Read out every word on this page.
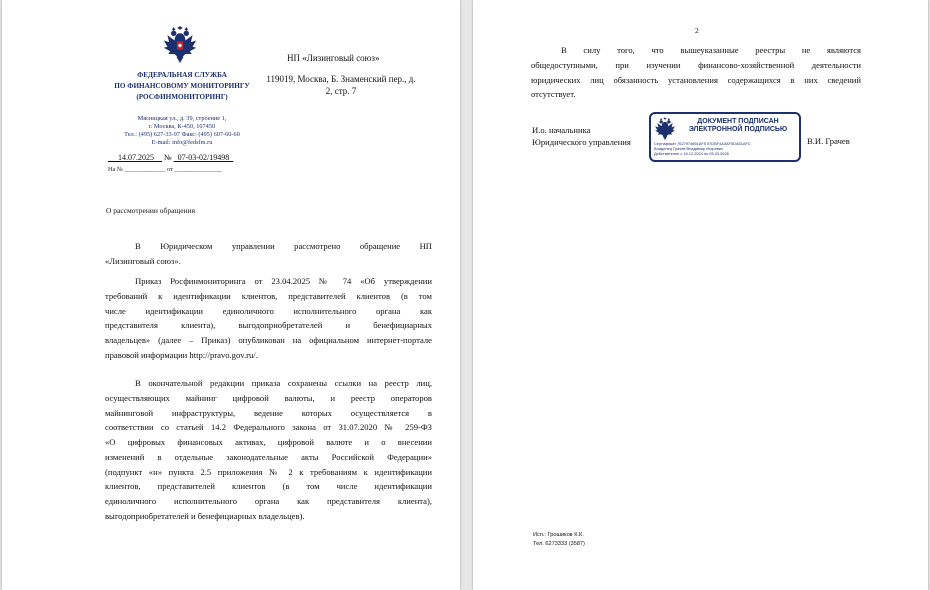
ФЕДЕРАЛЬНАЯ СЛУЖБА
ПО ФИНАНСОВОМУ МОНИТОРИНГУ
(РОСФИНМОНИТОРИНГ)
Мясницкая ул., д. 39, строение 1,
г. Москва, К-450, 107450
Тел.: (495) 627-33-97 Факс: (495) 607-60-60
E-mail: info@fedsfm.ru
14.07.2025 № 07-03-02/19498
На № _____________ от _______________
НП «Лизинговый союз»
119019, Москва, Б. Знаменский пер., д.
2, стр. 7
О рассмотрении обращения
В Юридическом управлении рассмотрено обращение НП
«Лизинговый союз».
Приказ Росфинмониторинга от 23.04.2025 № 74 «Об утверждении
требований к идентификации клиентов, представителей клиентов (в том
числе идентификации единоличного исполнительного органа как
представителя клиента), выгодоприобретателей и бенефициарных
владельцев» (далее – Приказ) опубликован на официальном интернет-портале
правовой информации http://pravo.gov.ru/.
В окончательной редакции приказа сохранены ссылки на реестр лиц,
осуществляющих майнинг цифровой валюты, и реестр операторов
майнинговой инфраструктуры, ведение которых осуществляется в
соответствии со статьей 14.2 Федерального закона от 31.07.2020 № 259-ФЗ
«О цифровых финансовых активах, цифровой валюте и о внесении
изменений в отдельные законодательные акты Российской Федерации»
(подпункт «н» пункта 2.5 приложения № 2 к требованиям к идентификации
клиентов, представителей клиентов (в том числе идентификации
единоличного исполнительного органа как представителя клиента),
выгодоприобретателей и бенефициарных владельцев).
2
В силу того, что вышеуказанные реестры не являются
общедоступными, при изучении финансово-хозяйственной деятельности
юридических лиц обязанность установления содержащихся в них сведений
отсутствует.
И.о. начальника
Юридического управления
ДОКУМЕНТ ПОДПИСАН
ЭЛЕКТРОННОЙ ПОДПИСЬЮ
Сертификат 7627974691AF5 07DBF4A3AF5DA51AFC
Владелец Грачев Владимир Игоревич
Действителен с 16.12.2024 по 05.03.2026
В.И. Грачев
Исп.: Грошиков К.К.
Тел. 6273333 (3587)
